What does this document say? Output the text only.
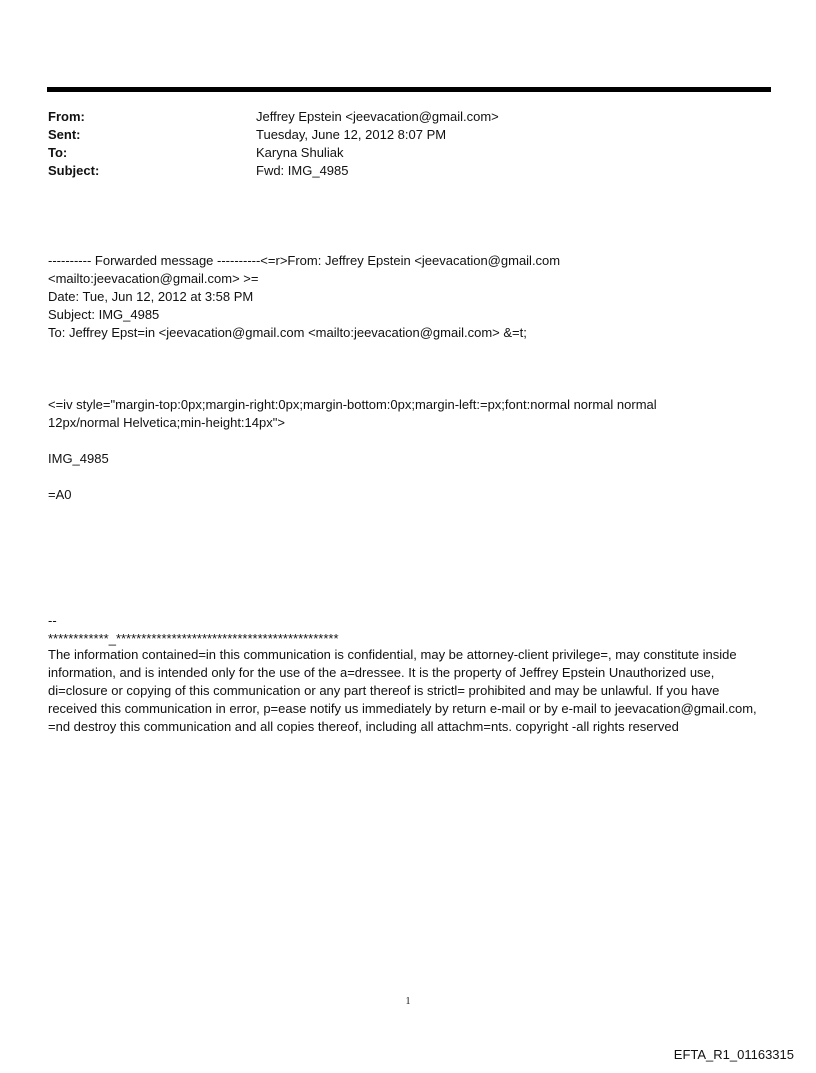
From:	Jeffrey Epstein <jeevacation@gmail.com>
Sent:	Tuesday, June 12, 2012 8:07 PM
To:	Karyna Shuliak
Subject:	Fwd: IMG_4985
---------- Forwarded message ----------<=r>From: Jeffrey Epstein <jeevacation@gmail.com
<mailto:jeevacation@gmail.com> >=
Date: Tue, Jun 12, 2012 at 3:58 PM
Subject: IMG_4985
To: Jeffrey Epst=in <jeevacation@gmail.com <mailto:jeevacation@gmail.com> &=t;
<=iv style="margin-top:0px;margin-right:0px;margin-bottom:0px;margin-left:=px;font:normal normal normal
12px/normal Helvetica;min-height:14px">
IMG_4985
=A0
--
************_********************************************
The information contained=in this communication is confidential, may be attorney-client privilege=, may constitute inside information, and is intended only for the use of the a=dressee. It is the property of Jeffrey Epstein Unauthorized use, di=closure or copying of this communication or any part thereof is strictl= prohibited and may be unlawful. If you have received this communication in error, p=ease notify us immediately by return e-mail or by e-mail to jeevacation@gmail.com, =nd destroy this communication and all copies thereof, including all attachm=nts. copyright -all rights reserved
1
EFTA_R1_01163315
